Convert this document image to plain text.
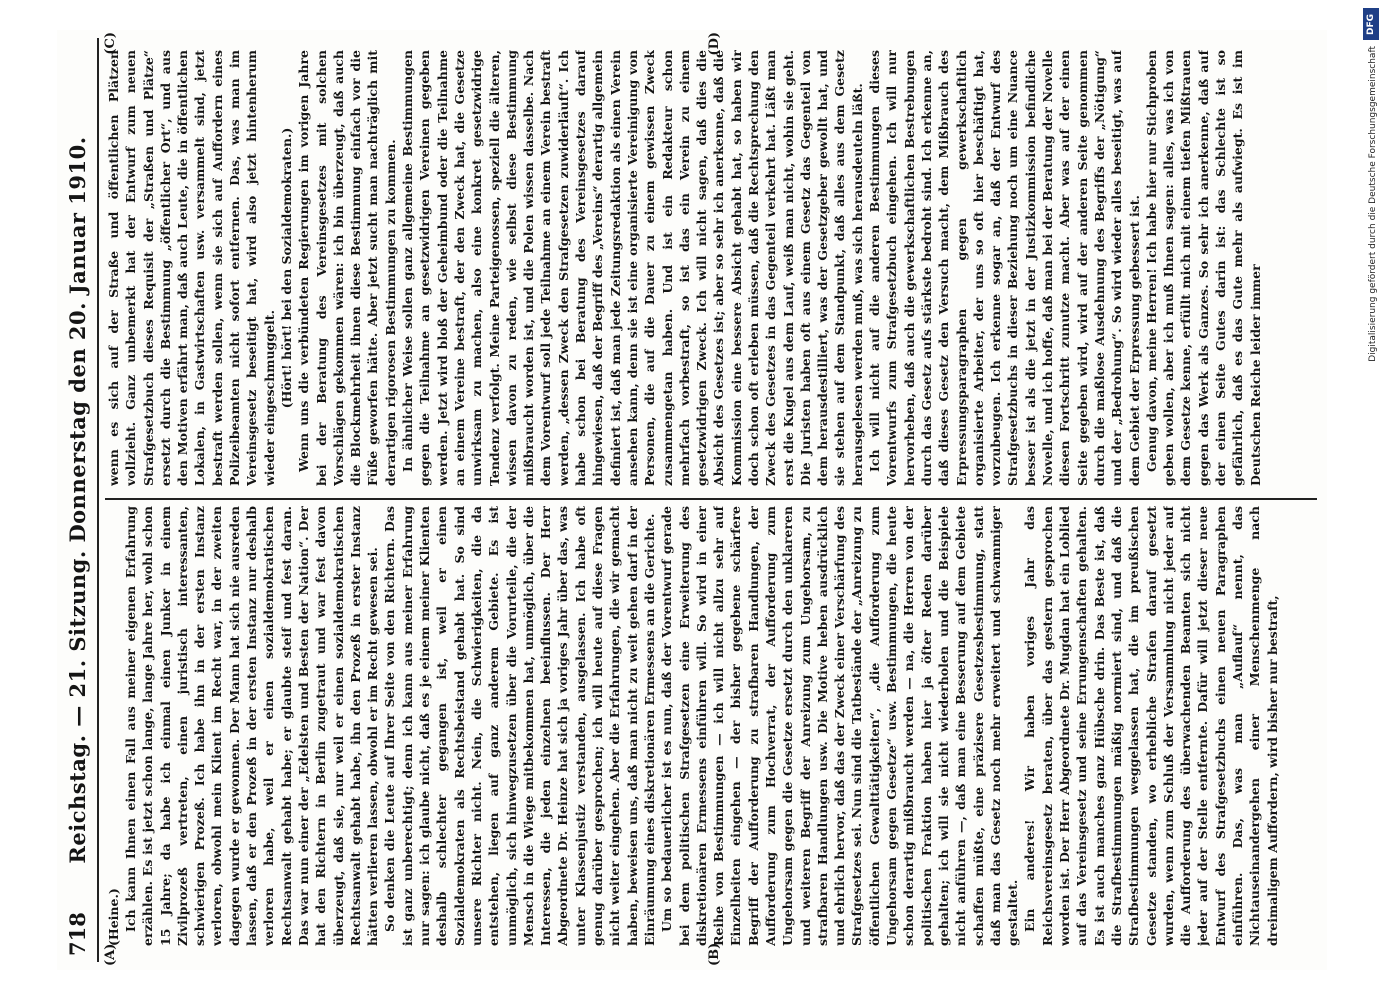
718
Reichstag. — 21. Sitzung. Donnerstag den 20. Januar 1910.
(A)	(B)
(C)	(D)
(Heine.) Ich kann Ihnen einen Fall aus meiner eigenen Erfahrung erzählen. Es ist jetzt schon lange, lange Jahre her, wohl schon 15 Jahre; da habe ich einmal einen Junker in einem Zivilprozeß vertreten, einen juristisch interessanten, schwierigen Prozeß. Ich habe ihn in der ersten Instanz verloren, obwohl mein Klient im Recht war, in der zweiten dagegen wurde er gewonnen. Der Mann hat sich nie ausreden lassen, daß er den Prozeß in der ersten Instanz nur deshalb verloren habe, weil er einen sozialdemokratischen Rechtsanwalt gehabt habe; er glaubte steif und fest daran. Das war nun einer der „Edelsten und Besten der Nation“. Der hat den Richtern in Berlin zugetraut und war fest davon überzeugt, daß sie, nur weil er einen sozialdemokratischen Rechtsanwalt gehabt habe, ihn den Prozeß in erster Instanz hätten verlieren lassen, obwohl er im Recht gewesen sei. So denken die Leute auf Ihrer Seite von den Richtern. Das ist ganz unberechtigt; denn ich kann aus meiner Erfahrung nur sagen: ich glaube nicht, daß es je einem meiner Klienten deshalb schlechter gegangen ist, weil er einen Sozialdemokraten als Rechtsbeistand gehabt hat. So sind unsere Richter nicht. Nein, die Schwierigkeiten, die da entstehen, liegen auf ganz anderem Gebiete. Es ist unmöglich, sich hinwegzusetzen über die Vorurteile, die der Mensch in die Wiege mitbekommen hat, unmöglich, über die Interessen, die jeden einzelnen beeinflussen. Der Herr Abgeordnete Dr. Heinze hat sich ja voriges Jahr über das, was unter Klassenjustiz verstanden, ausgelassen. Ich habe oft genug darüber gesprochen; ich will heute auf diese Fragen nicht weiter eingehen. Aber die Erfahrungen, die wir gemacht haben, beweisen uns, daß man nicht zu weit gehen darf in der Einräumung eines diskretionären Ermessens an die Gerichte. Um so bedauerlicher ist es nun, daß der Vorentwurf gerade bei dem politischen Strafgesetzen eine Erweiterung des diskretionären Ermessens einführen will. So wird in einer Reihe von Bestimmungen — ich will nicht allzu sehr auf Einzelheiten eingehen — der bisher gegebene schärfere Begriff der Aufforderung zu strafbaren Handlungen, der Aufforderung zum Hochverrat, der Aufforderung zum Ungehorsam gegen die Gesetze ersetzt durch den unklareren und weiteren Begriff der Anreizung zum Ungehorsam, zu strafbaren Handlungen usw. Die Motive heben ausdrücklich und ehrlich hervor, daß das der Zweck einer Verschärfung des Strafgesetzes sei. Nun sind die Tatbestände der „Anreizung zu öffentlichen Gewalttätigkeiten“, „die Aufforderung zum Ungehorsam gegen Gesetze“ usw. Bestimmungen, die heute schon derartig mißbraucht werden — na, die Herren von der politischen Fraktion haben hier ja öfter Reden darüber gehalten; ich will sie nicht wiederholen und die Beispiele nicht anführen —, daß man eine Besserung auf dem Gebiete schaffen müßte, eine präzisere Gesetzesbestimmung, statt daß man das Gesetz noch mehr erweitert und schwammiger gestaltet. Ein anderes! Wir haben voriges Jahr das Reichsvereinsgesetz beraten, über das gestern gesprochen worden ist. Der Herr Abgeordnete Dr. Mugdan hat ein Loblied auf das Vereinsgesetz und seine Errungenschaften gehalten. Es ist auch manches ganz Hübsche drin. Das Beste ist, daß die Strafbestimmungen mäßig normiert sind, und daß die Strafbestimmungen weggelassen hat, die im preußischen Gesetze standen, wo erhebliche Strafen darauf gesetzt wurden, wenn zum Schluß der Versammlung nicht jeder auf die Aufforderung des überwachenden Beamten sich nicht jeder auf der Stelle entfernte. Dafür will jetzt dieser neue Entwurf des Strafgesetzbuchs einen neuen Paragraphen einführen. Das, was man „Auflauf“ nennt, das Nichtauseinandergehen einer Menschenmenge nach dreimaligem Auffordern, wird bisher nur bestraft,

wenn es sich auf der Straße und öffentlichen Plätzen vollzieht. Ganz unbemerkt hat der Entwurf zum neuen Strafgesetzbuch dieses Requisit der „Straßen und Plätze“ ersetzt durch die Bestimmung „öffentlicher Ort“, und aus den Motiven erfährt man, daß auch Leute, die in öffentlichen Lokalen, in Gastwirtschaften usw. versammelt sind, jetzt bestraft werden sollen, wenn sie sich auf Auffordern eines Polizeibeamten nicht sofort entfernen. Das, was man im Vereinsgesetz beseitigt hat, wird also jetzt hintenherum wieder eingeschmuggelt. (Hört! hört! bei den Sozialdemokraten.) Wenn uns die verbündeten Regierungen im vorigen Jahre bei der Beratung des Vereinsgesetzes mit solchen Vorschlägen gekommen wären: ich bin überzeugt, daß auch die Blockmehrheit ihnen diese Bestimmung einfach vor die Füße geworfen hätte. Aber jetzt sucht man nachträglich mit derartigen rigorosen Bestimmungen zu kommen. In ähnlicher Weise sollen ganz allgemeine Bestimmungen gegen die Teilnahme an gesetzwidrigen Vereinen gegeben werden. Jetzt wird bloß der Geheimbund oder die Teilnahme an einem Vereine bestraft, der den Zweck hat, die Gesetze unwirksam zu machen, also eine konkret gesetzwidrige Tendenz verfolgt. Meine Parteigenossen, speziell die älteren, wissen davon zu reden, wie selbst diese Bestimmung mißbraucht worden ist, und die Polen wissen dasselbe. Nach dem Vorentwurf soll jede Teilnahme an einem Verein bestraft werden, „dessen Zweck den Strafgesetzen zuwiderläuft“. Ich habe schon bei Beratung des Vereinsgesetzes darauf hingewiesen, daß der Begriff des „Vereins“ derartig allgemein definiert ist, daß man jede Zeitungsredaktion als einen Verein ansehen kann, denn sie ist eine organisierte Vereinigung von Personen, die auf die Dauer zu einem gewissen Zweck zusammengetan haben. Und ist ein Redakteur schon mehrfach vorbestraft, so ist das ein Verein zu einem gesetzwidrigen Zweck. Ich will nicht sagen, daß dies die Absicht des Gesetzes ist; aber so sehr ich anerkenne, daß die Kommission eine bessere Absicht gehabt hat, so haben wir doch schon oft erleben müssen, daß die Rechtsprechung den Zweck des Gesetzes in das Gegenteil verkehrt hat. Läßt man erst die Kugel aus dem Lauf, weiß man nicht, wohin sie geht. Die Juristen haben oft aus einem Gesetz das Gegenteil von dem herausdestilliert, was der Gesetzgeber gewollt hat, und sie stehen auf dem Standpunkt, daß alles aus dem Gesetz herausgelesen werden muß, was sich herausdeuteln läßt. Ich will nicht auf die anderen Bestimmungen dieses Vorentwurfs zum Strafgesetzbuch eingehen. Ich will nur hervorheben, daß auch die gewerkschaftlichen Bestrebungen durch das Gesetz aufs stärkste bedroht sind. Ich erkenne an, daß dieses Gesetz den Versuch macht, dem Mißbrauch des Erpressungsparagraphen gegen gewerkschaftlich organisierte Arbeiter, der uns so oft hier beschäftigt hat, vorzubeugen. Ich erkenne sogar an, daß der Entwurf des Strafgesetzbuchs in dieser Beziehung noch um eine Nuance besser ist als die jetzt in der Justizkommission befindliche Novelle, und ich hoffe, daß man bei der Beratung der Novelle diesen Fortschritt zunutze macht. Aber was auf der einen Seite gegeben wird, wird auf der anderen Seite genommen durch die maßlose Ausdehnung des Begriffs der „Nötigung“ und der „Bedrohung“. So wird wieder alles beseitigt, was auf dem Gebiet der Erpressung gebessert ist. Genug davon, meine Herren! Ich habe hier nur Stichproben geben wollen, aber ich muß Ihnen sagen: alles, was ich von dem Gesetze kenne, erfüllt mich mit einem tiefen Mißtrauen gegen das Werk als Ganzes. So sehr ich anerkenne, daß auf der einen Seite Gutes darin ist: das Schlechte ist so gefährlich, daß es das Gute mehr als aufwiegt. Es ist im Deutschen Reiche leider immer

DFG
Digitalisierung gefördert durch die Deutsche Forschungsgemeinschaft
